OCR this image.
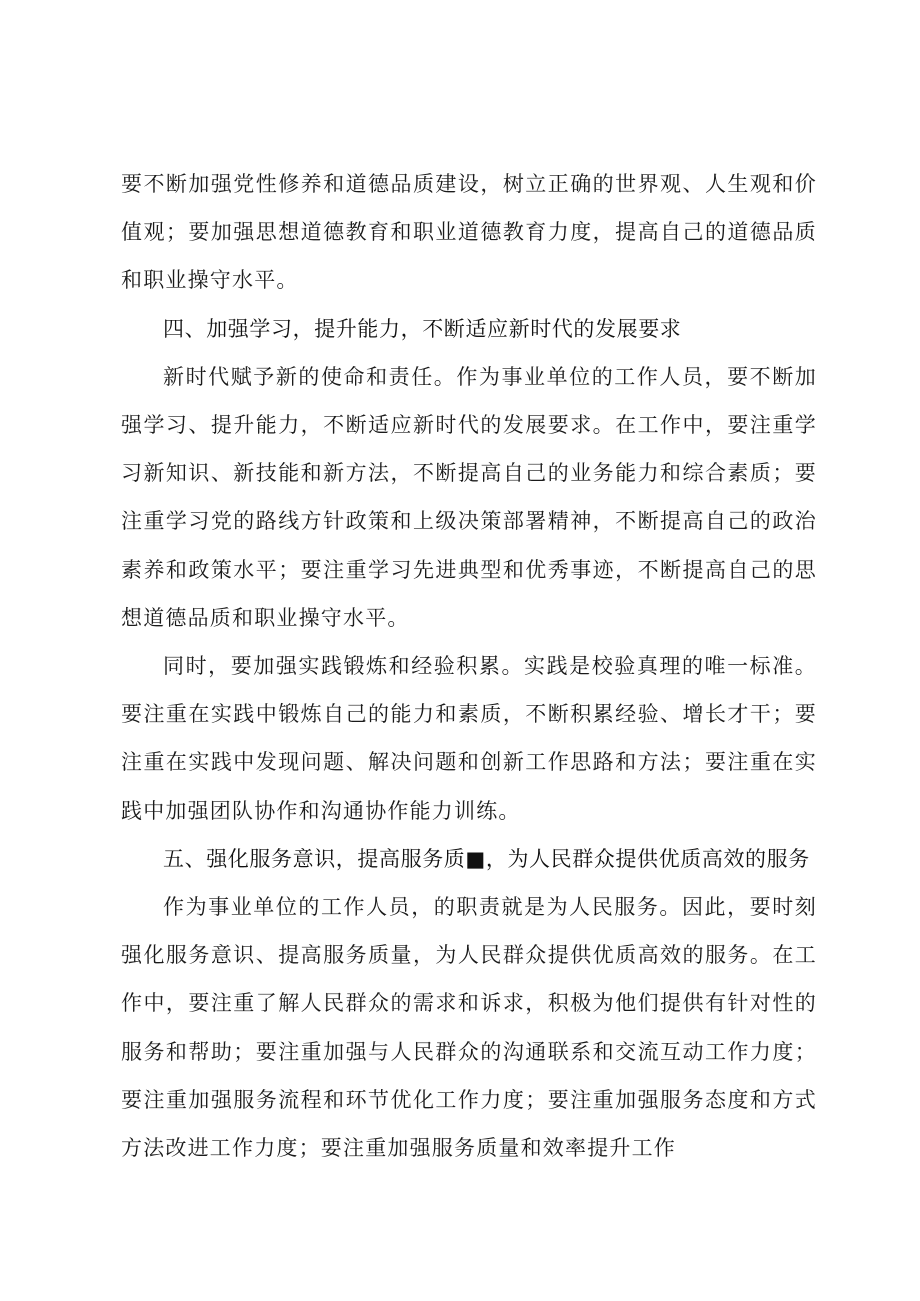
要不断加强党性修养和道德品质建设，树立正确的世界观、人生观和价值观；要加强思想道德教育和职业道德教育力度，提高自己的道德品质和职业操守水平。

四、加强学习，提升能力，不断适应新时代的发展要求

新时代赋予新的使命和责任。作为事业单位的工作人员，要不断加强学习、提升能力，不断适应新时代的发展要求。在工作中，要注重学习新知识、新技能和新方法，不断提高自己的业务能力和综合素质；要注重学习党的路线方针政策和上级决策部署精神，不断提高自己的政治素养和政策水平；要注重学习先进典型和优秀事迹，不断提高自己的思想道德品质和职业操守水平。

同时，要加强实践锻炼和经验积累。实践是校验真理的唯一标准。要注重在实践中锻炼自己的能力和素质，不断积累经验、增长才干；要注重在实践中发现问题、解决问题和创新工作思路和方法；要注重在实践中加强团队协作和沟通协作能力训练。

五、强化服务意识，提高服务质■，为人民群众提供优质高效的服务

作为事业单位的工作人员，的职责就是为人民服务。因此，要时刻强化服务意识、提高服务质量，为人民群众提供优质高效的服务。在工作中，要注重了解人民群众的需求和诉求，积极为他们提供有针对性的服务和帮助；要注重加强与人民群众的沟通联系和交流互动工作力度；要注重加强服务流程和环节优化工作力度；要注重加强服务态度和方式方法改进工作力度；要注重加强服务质量和效率提升工作
